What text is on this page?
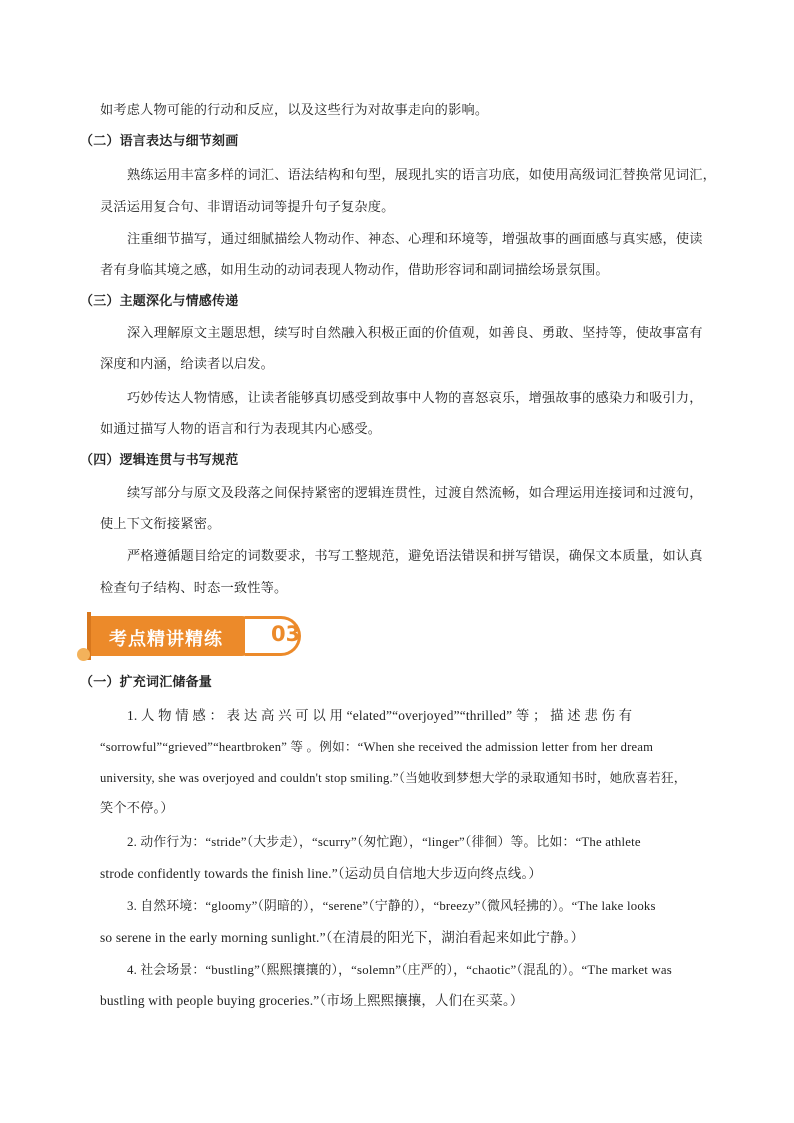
如考虑人物可能的行动和反应，以及这些行为对故事走向的影响。
（二）语言表达与细节刻画
熟练运用丰富多样的词汇、语法结构和句型，展现扎实的语言功底，如使用高级词汇替换常见词汇，
灵活运用复合句、非谓语动词等提升句子复杂度。
注重细节描写，通过细腻描绘人物动作、神态、心理和环境等，增强故事的画面感与真实感，使读
者有身临其境之感，如用生动的动词表现人物动作，借助形容词和副词描绘场景氛围。
（三）主题深化与情感传递
深入理解原文主题思想，续写时自然融入积极正面的价值观，如善良、勇敢、坚持等，使故事富有
深度和内涵，给读者以启发。
巧妙传达人物情感，让读者能够真切感受到故事中人物的喜怒哀乐，增强故事的感染力和吸引力，
如通过描写人物的语言和行为表现其内心感受。
（四）逻辑连贯与书写规范
续写部分与原文及段落之间保持紧密的逻辑连贯性，过渡自然流畅，如合理运用连接词和过渡句，
使上下文衔接紧密。
严格遵循题目给定的词数要求，书写工整规范，避免语法错误和拼写错误，确保文本质量，如认真
检查句子结构、时态一致性等。
考点精讲精练 03
（一）扩充词汇储备量
1. 人 物 情 感 ： 表 达 高 兴 可 以 用 “elated”“overjoyed”“thrilled” 等 ； 描 述 悲 伤 有
“sorrowful”“grieved”“heartbroken” 等 。例如：“When she received the admission letter from her dream
university, she was overjoyed and couldn't stop smiling.”（当她收到梦想大学的录取通知书时，她欣喜若狂，
笑个不停。）
2. 动作行为：“stride”（大步走），“scurry”（匆忙跑），“linger”（徘徊）等。比如：“The athlete
strode confidently towards the finish line.”（运动员自信地大步迈向终点线。）
3. 自然环境：“gloomy”（阴暗的），“serene”（宁静的），“breezy”（微风轻拂的）。“The lake looks
so serene in the early morning sunlight.”（在清晨的阳光下，湖泊看起来如此宁静。）
4. 社会场景：“bustling”（熙熙攘攘的），“solemn”（庄严的），“chaotic”（混乱的）。“The market was
bustling with people buying groceries.”（市场上熙熙攘攘，人们在买菜。）
